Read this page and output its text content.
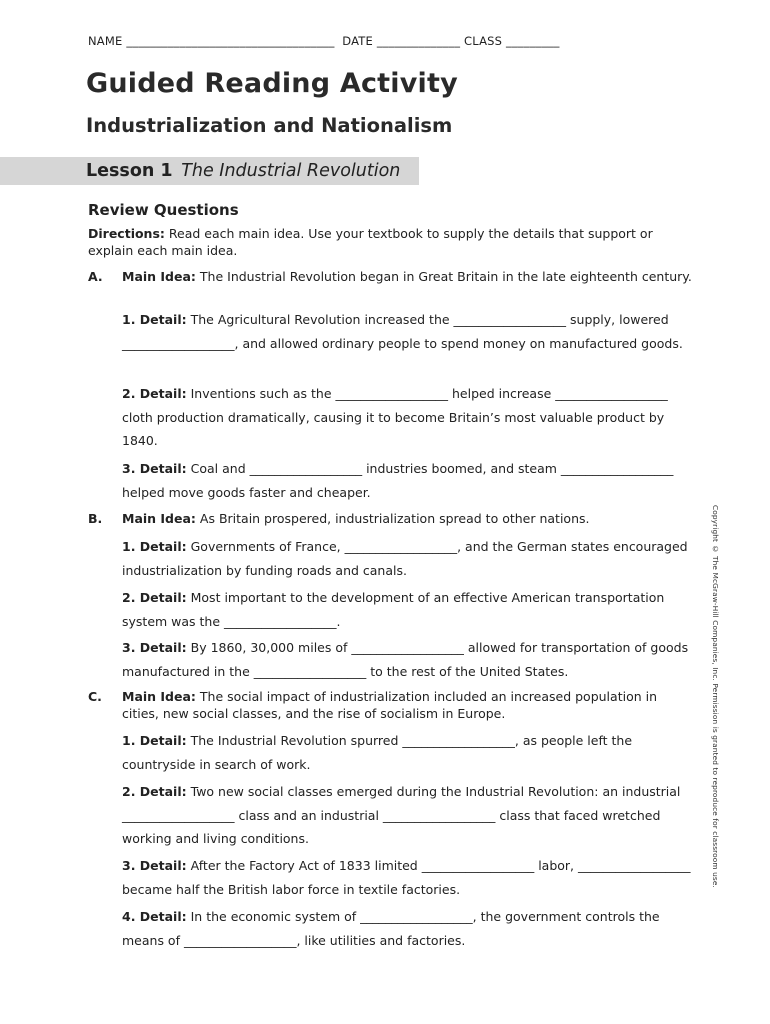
NAME ___________________________________  DATE ______________ CLASS _________
Guided Reading Activity
Industrialization and Nationalism
Lesson 1 The Industrial Revolution
Review Questions
Directions: Read each main idea. Use your textbook to supply the details that support or explain each main idea.
A. Main Idea: The Industrial Revolution began in Great Britain in the late eighteenth century.
1. Detail: The Agricultural Revolution increased the __________________ supply, lowered __________________, and allowed ordinary people to spend money on manufactured goods.
2. Detail: Inventions such as the __________________ helped increase __________________ cloth production dramatically, causing it to become Britain’s most valuable product by 1840.
3. Detail: Coal and __________________ industries boomed, and steam __________________ helped move goods faster and cheaper.
B. Main Idea: As Britain prospered, industrialization spread to other nations.
1. Detail: Governments of France, __________________, and the German states encouraged industrialization by funding roads and canals.
2. Detail: Most important to the development of an effective American transportation system was the __________________.
3. Detail: By 1860, 30,000 miles of __________________ allowed for transportation of goods manufactured in the __________________ to the rest of the United States.
C. Main Idea: The social impact of industrialization included an increased population in cities, new social classes, and the rise of socialism in Europe.
1. Detail: The Industrial Revolution spurred __________________, as people left the countryside in search of work.
2. Detail: Two new social classes emerged during the Industrial Revolution: an industrial __________________ class and an industrial __________________ class that faced wretched working and living conditions.
3. Detail: After the Factory Act of 1833 limited __________________ labor, __________________ became half the British labor force in textile factories.
4. Detail: In the economic system of __________________, the government controls the means of __________________, like utilities and factories.
Copyright © The McGraw-Hill Companies, Inc. Permission is granted to reproduce for classroom use.
